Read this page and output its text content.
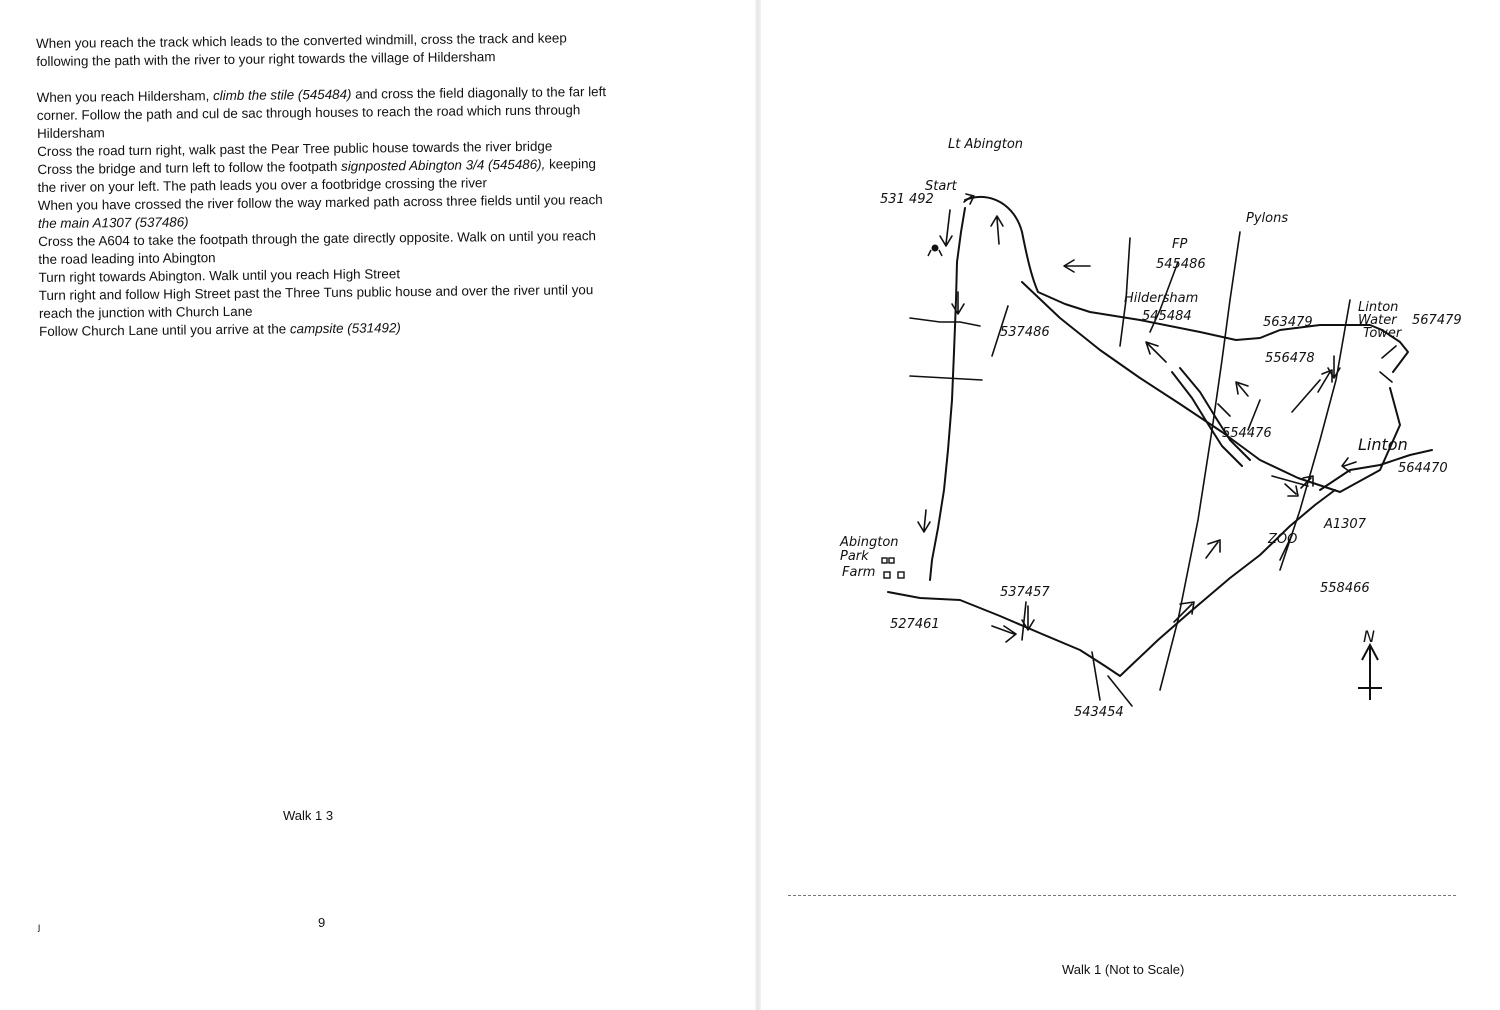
When you reach the track which leads to the converted windmill, cross the track and keep following the path with the river to your right towards the village of Hildersham

When you reach Hildersham, climb the stile (545484) and cross the field diagonally to the far left corner. Follow the path and cul de sac through houses to reach the road which runs through Hildersham

Cross the road turn right, walk past the Pear Tree public house towards the river bridge

Cross the bridge and turn left to follow the footpath signposted Abington 3/4 (545486), keeping the river on your left. The path leads you over a footbridge crossing the river

When you have crossed the river follow the way marked path across three fields until you reach the main A1307 (537486)

Cross the A604 to take the footpath through the gate directly opposite. Walk on until you reach the road leading into Abington

Turn right towards Abington. Walk until you reach High Street

Turn right and follow High Street past the Three Tuns public house and over the river until you reach the junction with Church Lane

Follow Church Lane until you arrive at the campsite (531492)

Walk 1 3
9
ȷ
Lt Abington
Start
531 492
Pylons
FP
545486
Hildersham
545484
537486
563479
Linton
Water
Tower
567479
556478
554476
Linton
564470
A1307
ZOO
558466
Abington
Park
Farm
537457
527461
543454
N
Walk 1 (Not to Scale)
